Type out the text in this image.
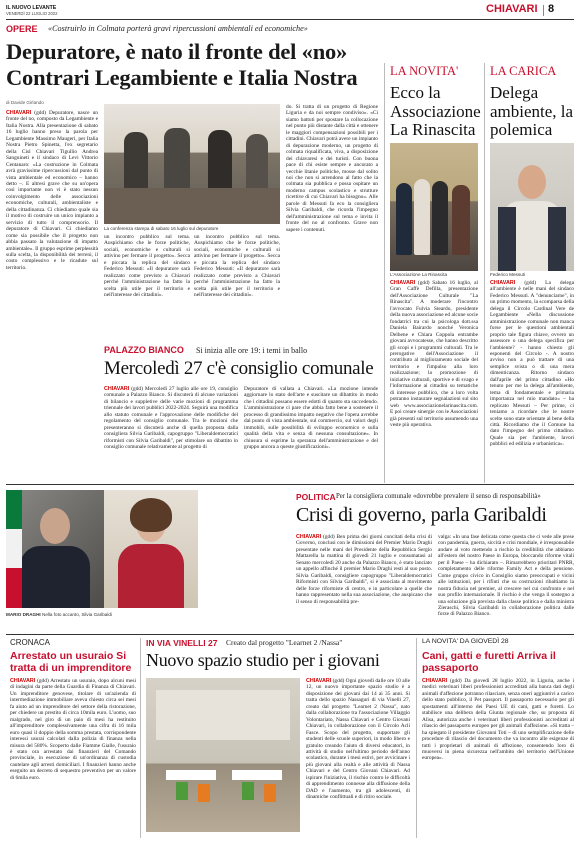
IL NUOVO LEVANTE
VENERDÌ 22 LUGLIO 2022	CHIAVARI 8
OPERE «Costruirlo in Colmata porterà gravi ripercussioni ambientali ed economiche»
Depuratore, è nato il fronte del «no»
Contrari Legambiente e Italia Nostra
di Davide Girlando
CHIAVARI (gdd) Depuratore, nasce un fronte del no, composto da Legambiente e Italia Nostra. Alla presentazione di sabato 16 luglio hanno preso la parola per Legambiente Massimo Maugeri, per Italia Nostra Pietro Spinetta, l'ex segretario della Cisl Chiavari Tigullio Andrea Sanguineti e il sindaco di Levi Vittorio Centanaro: «La costruzione in Colmata avrà gravissime ripercussioni dal punto di vista ambientale ed economico – hanno detto –. E altresì grave che su un'opera così importante non vi è stato nessun coinvolgimento delle associazioni economiche, culturali, ambientaliste e della cittadinanza. Ci chiediamo quale sia il motivo di costruire un unico impianto a servizio di tutto il comprensorio. Il depuratore di Chiavari. Ci chiediamo come sia possibile che il progetto non abbia passato la valutazione di impatto ambientale». Il gruppo esprime perplessità sulla scelta, la disponibilità dei terreni, il costo complessivo e le ricadute sul territorio.
La conferenza stampa di sabato 16 luglio sul depuratore
un incontro pubblico sul tema. Auspichiamo che le forze politiche, sociali, economiche e culturali si attivino per fermare il progetto». Secca e piccata la replica del sindaco Federico Messuti: «Il depuratore sarà realizzato come previsto a Chiavari perché l'amministrazione ha fatto la scelta più utile per il territorio e nell'interesse dei cittadini».
un incontro pubblico sul tema. Auspichiamo che le forze politiche, sociali, economiche e culturali si attivino per fermare il progetto». Secca e piccata la replica del sindaco Federico Messuti: «Il depuratore sarà realizzato come previsto a Chiavari perché l'amministrazione ha fatto la scelta più utile per il territorio e nell'interesse dei cittadini».
do. Si tratta di un progetto di Regione Liguria e da noi sempre condiviso». «Ci siamo battuti per spostare la collocazione nel punto più distante dalla città e ottenere le maggiori compensazioni possibili per i cittadini. Chiavari potrà avere un impianto di depurazione moderno, un progetto di colmata riqualificata, viva, a disposizione dei chiavaresi e dei turisti. Con buona pace di chi esiste sempre e ancorato a vecchie litanie politiche, mosse dal solito noi che non si arrendono al fatto che la colmata sia pubblica e possa ospitare un moderno campus scolastico e strutture ricettive di cui Chiavari ha bisogno». Alle parole di Messuti fa eco la consigliera Silvia Garibaldi, che ricorda l'impegno dell'amministrazione sul tema e invita il fronte del no al confronto. Grave non sapere i contenuti.
PALAZZO BIANCO Si inizia alle ore 19: i temi in ballo
Mercoledì 27 c'è consiglio comunale
CHIAVARI (gdd) Mercoledì 27 luglio alle ore 19, consiglio comunale a Palazzo Bianco. Si discuterà di alcune variazioni di bilancio e suppletive delle varie mozioni di programma triennale dei lavori pubblici 2022-2024. Seguirà una modifica allo statuto comunale e l'approvazione delle modifiche del regolamento del consiglio comunale. Tra le mozioni che presenteranno si discuterà anche di quella proposta dalla consigliera Silvia Garibaldi, capogruppo "Liberaldemocratici riformisti con Silvia Garibaldi", per stimolare un dibattito in consiglio comunale relativamente al progetto di
Depuratore di vallata a Chiavari. «La mozione intende aggiornare lo stato dell'arte e suscitare un dibattito in modo che i cittadini possano essere edotti di quanto sta succedendo. L'amministrazione ci pare che abbia fatto bene a sostenere il processo di grandissimo impatto negativo che l'opera avrebbe dal punto di vista ambientale, sul commercio, sul valori degli immobili, sulle possibilità di sviluppo economico e sulla qualità della vita e senza di nessuna consultazione». In chiusura si esprime la speranza dell'amministrazione e del gruppo ancora a queste giustificazioni».
LA NOVITA'
Ecco la Associazione La Rinascita
L'Associazione La Rinascita
CHIAVARI (gdd) Sabato 16 luglio, al Gran Caffè Defilla, presentazione dell'Associazione Culturale "La Rinascita". A moderare l'incontro l'avvocato Fulvia Steardo, presidente della nuova associazione ed alcune socie fondatrici tra cui la psicologa dott.ssa Daniela Bairardo nonché Veronica Delbene e Chiara Coppola entrambe giovani avvocatesse, che hanno descritto gli scopi e i programmi culturali. Tra le prerogative dell'Associazione il contributo al miglioramento sociale del territorio e l'impulso alla loro realizzazione; la promozione di iniziative culturali, sportive e di svago e l'informazione ai cittadini su tematiche di interesse pubblico, che a loro volta potranno instaurare segnalazioni sul sito web www.associazionelarinascita.com. E poi creare sinergie con le Associazioni già presenti sul territorio assumendo una veste più operativa.
LA CARICA
Delega ambiente, la polemica
Federico Messuti
CHIAVARI (gdd) La delega all'ambiente è nelle mani del sindaco Federico Messuti. A "denunciarne", in un primo momento, la scomparsa della delega il Circolo Cardinal Vere de Legambiente «Nella discussione amministrazione comunale non manca forse per le questioni ambientali proprio tale figura chiave, ovvero un assessore o una delega specifica per l'ambiente? - hanno chiesto gli esponenti del Circolo -. A nostro avviso non a può trattare di una semplice svista o di una mera dimenticanza. Ritorno sindaco dall'aprile del primo cittadino «Ho tenuto per me la delega all'ambiente, tema di fondamentale e primaria importanza nel mio mandato» – ha replicato Messuti – Per prime, ci teniamo a ricordare che le nostre scelte sono state orientate al bene della città. Ricordiamo che il Comune ha dato l'impegno del primo cittadino. Quale sia per l'ambiente, lavori pubblici ed edilizia e urbanistica».
MARIO DRAGHI Nella foto accanto, Silvia Garibaldi
POLITICA Per la consigliera comunale «dovrebbe prevalere il senso di responsabilità»
Crisi di governo, parla Garibaldi
CHIAVARI (gdd) Ben prima dei giorni concitati della crisi di Governo, conclusi con le dimissioni del Premier Mario Draghi presentate nelle mani del Presidente della Repubblica Sergio Mattarella la mattina di giovedì 21 luglio e consumatasi al Senato mercoledì 20 anche da Palazzo Bianco, è stato lanciato un appello affinché il premier Mario Draghi resti al suo posto. Silvia Garibaldi, consigliere capogruppo "Liberaldemocratici Riformisti con Silvia Garibaldi", si è associata al movimento delle forze riformiste di centro, e in particolare a quelle che hanno rappresentato nella sua associazione, che auspicano che il senso di responsabilità pre-
valga: «In una fase delicata come questa che ci vede alle prese con pandemia, guerra, siccità e crisi mondiale, è irresponsabile andare al voto mettendo a rischio la credibilità che abbiamo all'estero del nostro Paese in Europa, bloccando riforme vitali per il Paese – ha dichiarato –. Rimarrebbero prioritari PNRR, completamento delle riforme Family Act e della pensione. Come gruppo civico in Consiglio siamo preoccupati e vicini alle istituzioni, per i rifiuti che su costruzioni ribaltiamo la nostra fiducia nel premier, al crescere nel cui confronto e nel suo profilo internazionale. Il rischio è che venga il sostegno a una soluzione già prevista dalla classe politica e dalla ministra Zieraschi, Silvia Garibaldi in collaborazione politica dalle forze di Palazzo Bianco.
CRONACA
Arrestato un usuraio Si tratta di un imprenditore
CHIAVARI (gdd) Arrestato un usuraio, dopo alcuni mesi di indagini da parte della Guardia di Finanza di Chiavari. Un imprenditore genovese, titolare di un'azienda di intermediazione immobiliare aveva chiesto circa sei mesi fa aiuto ad un imprenditore del settore della ristorazione, per chiedere un prestito di circa 10mila euro. L'uomo, suo malgrado, nel giro di un paio di mesi ha restituito all'imprenditore complessivamente una cifra di 16 mila euro quasi il doppio della somma prestata, corrispondente interessi usurai calcolati dalla polizia di finanza nella misura del 580%. Scoperto dalle Fiamme Gialle, l'usuraio è stato ora arrestato dai finanzieri del Comando provinciale, in esecuzione di un'ordinanza di custodia cautelare agli arresti domiciliari. I finanzieri hanno anche eseguito un decreto di sequestro preventivo per un valore di 6mila euro.
IN VIA VINELLI 27 Creato dal progetto "Learnet 2 /Nassa"
Nuovo spazio studio per i giovani
CHIAVARI (gdd) Ogni giovedì dalle ore 10 alle 12, un nuovo importante spazio studio è a disposizione dei giovani dai 14 ai 35 anni. Si tratta dello spazio Nassaguri di via Vinelli 27, creato dal progetto "Learnet 2 /Nassa", nato dalla collaborazione tra l'associazione Villaggio Volontariato, Nassa Chiavari e Centro Giovani Chiavari, in collaborazione con il Circolo Acli Fasce. Scopo del progetto, supportare gli studenti delle scuole superiori, in modo libero e gratuito creando l'aiuto di diversi educatori, in attività di studio nell'ultimo periodo dell'anno scolastico, durante i mesi estivi, per avvicinare i più giovani alla realtà e alle attività di Nassa Chiavari e del Centro Giovani Chiavari. Ad ispirare l'iniziativa, il rischio contro le difficoltà di apprendimento connesse alla diffusione della DAD e l'aumento, tra gli adolescenti, di dinamiche conflittuali e di ritiro sociale.
LA NOVITA' DA GIOVEDÌ 28
Cani, gatti e furetti Arriva il passaporto
CHIAVARI (gdd) Da giovedì 28 luglio 2022, in Liguria, anche i medici veterinari liberi professionisti accreditati alla banca dati degli animali d'affezione potranno rilasciare, senza oneri aggiuntivi a carico dello stato pubblico, il Pet passport. Il passaporto necessario per gli spostamenti all'interno dei Paesi UE di cani, gatti e furetti. Lo stabilisce una delibera della Giunta regionale che, su proposta di Alisa, autorizza anche i veterinari liberi professionisti accreditati al rilascio del passaporto europeo per gli animali d'affezione. «Si tratta – ha spiegato il presidente Giovanni Toti – di uno semplificazione delle procedure di rilascio del documento che va incontro alle esigenze di tutti i proprietari di animali di affezione, consentendo loro di muoversi in piena sicurezza nell'ambito del territorio dell'Unione europea».
